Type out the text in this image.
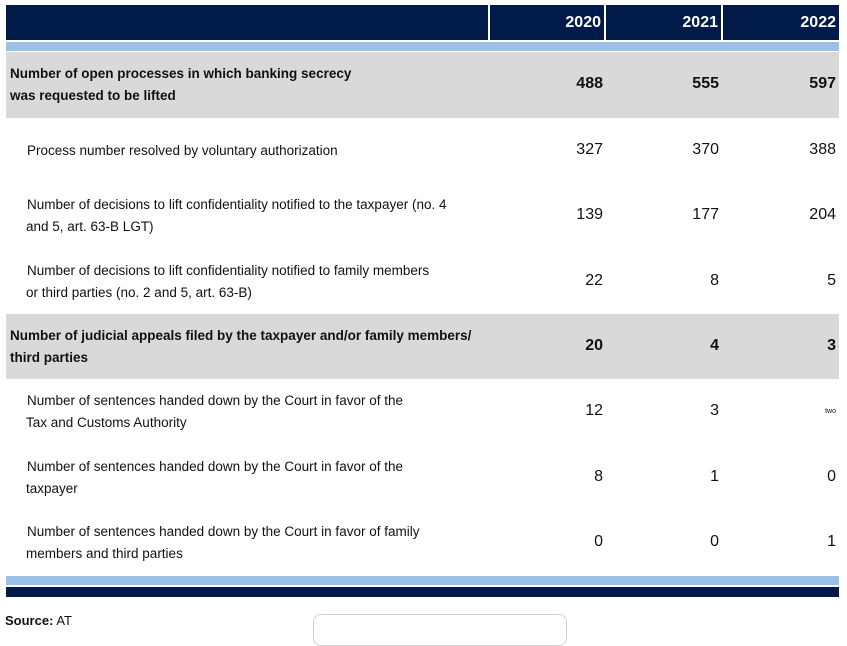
2020	2021	2022
Number of open processes in which banking secrecy
was requested to be lifted
488	555	597
Process number resolved by voluntary authorization	327	370	388
Number of decisions to lift confidentiality notified to the taxpayer (no. 4
and 5, art. 63-B LGT)
139	177	204
Number of decisions to lift confidentiality notified to family members
or third parties (no. 2 and 5, art. 63-B)
22	8	5
Number of judicial appeals filed by the taxpayer and/or family members/
third parties
20	4	3
Number of sentences handed down by the Court in favor of the
Tax and Customs Authority
12	3	two
Number of sentences handed down by the Court in favor of the
taxpayer
8	1	0
Number of sentences handed down by the Court in favor of family
members and third parties
0	0	1
Source: AT
